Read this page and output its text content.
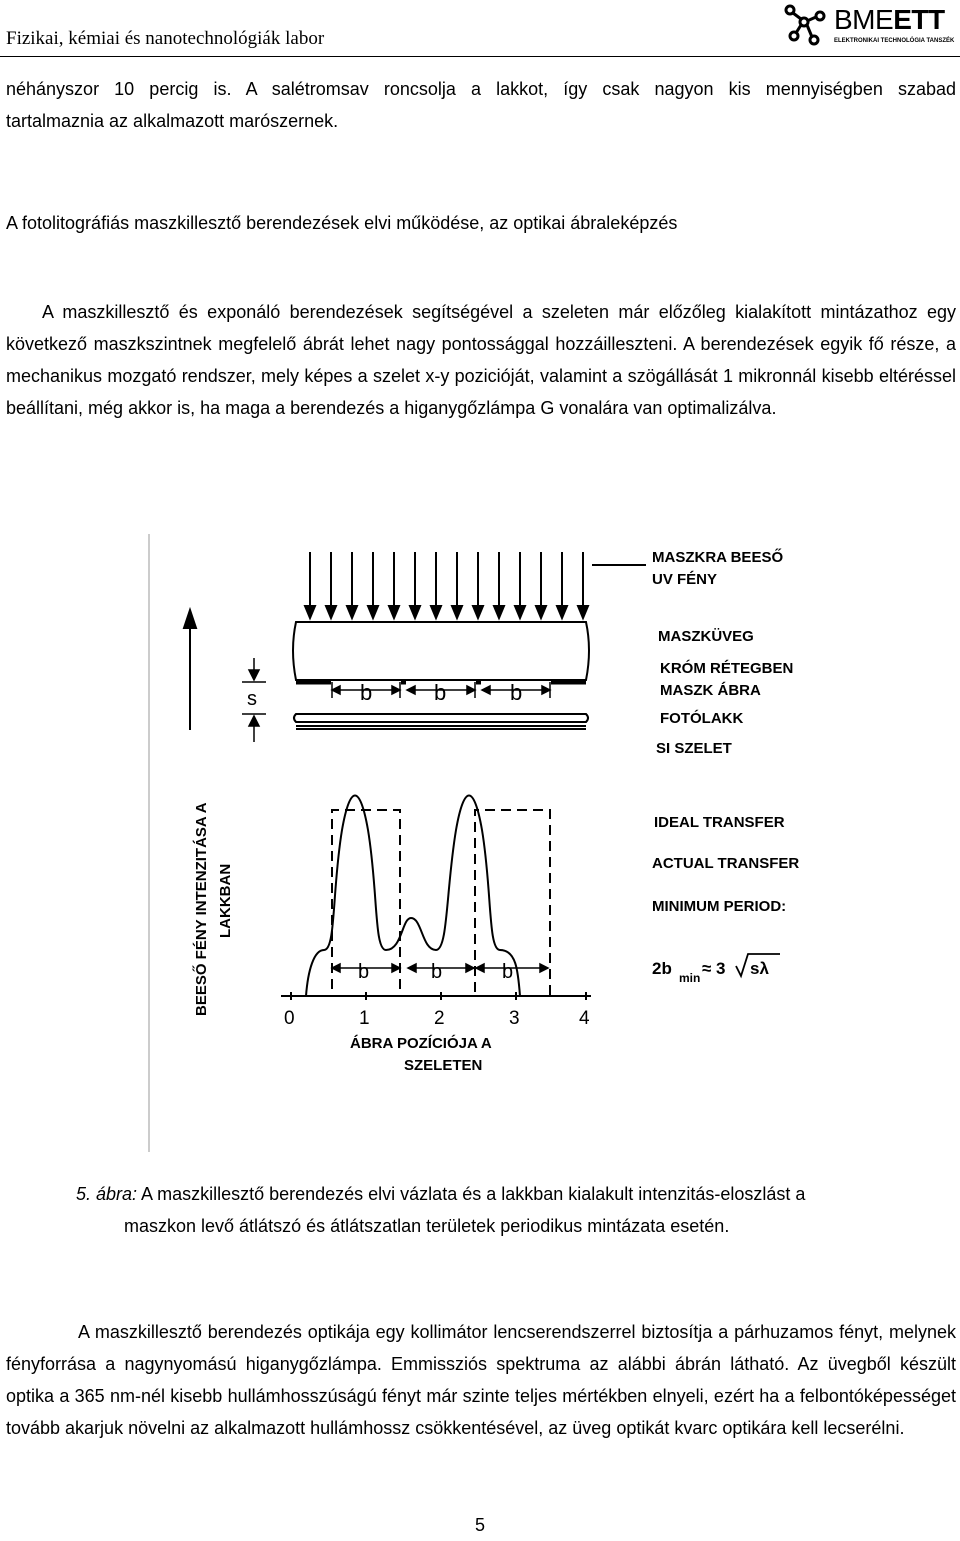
Fizikai, kémiai és nanotechnológiák labor
BMEETT
ELEKTRONIKAI TECHNOLÓGIA TANSZÉK
néhányszor 10 percig is. A salétromsav roncsolja a lakkot, így csak nagyon kis mennyiségben szabad
tartalmaznia az alkalmazott marószernek.
A fotolitográfiás maszkillesztő berendezések elvi működése, az optikai ábraleképzés
A maszkillesztő és exponáló berendezések segítségével a szeleten már előzőleg kialakított mintázathoz egy következő maszkszintnek megfelelő ábrát lehet nagy pontossággal hozzáilleszteni. A berendezések egyik fő része, a mechanikus mozgató rendszer, mely képes a szelet x-y pozicióját, valamint a szögállását 1 mikronnál kisebb eltéréssel beállítani, még akkor is, ha maga a berendezés a higanygőzlámpa G vonalára van optimalizálva.
b	b	b
s
BEESŐ FÉNY INTENZITÁSA A LAKKBAN
b	b	b
0	1	2	3	4
ÁBRA POZÍCIÓJA A
SZELETEN
MASZKRA BEESŐ
UV FÉNY
MASZKÜVEG
KRÓM RÉTEGBEN
MASZK ÁBRA
FOTÓLAKK
SI SZELET
IDEAL TRANSFER
ACTUAL TRANSFER
MINIMUM PERIOD:
2b min ≈ 3 sλ
5. ábra: A maszkillesztő berendezés elvi vázlata és a lakkban kialakult intenzitás-eloszlást a
maszkon levő átlátszó és átlátszatlan területek periodikus mintázata esetén.
A maszkillesztő berendezés optikája egy kollimátor lencserendszerrel biztosítja a párhuzamos fényt, melynek fényforrása a nagynyomású higanygőzlámpa. Emmissziós spektruma az alábbi ábrán látható. Az üvegből készült optika a 365 nm-nél kisebb hullámhosszúságú fényt már szinte teljes mértékben elnyeli, ezért ha a felbontóképességet tovább akarjuk növelni az alkalmazott hullámhossz csökkentésével, az üveg optikát kvarc optikára kell lecserélni.
5
